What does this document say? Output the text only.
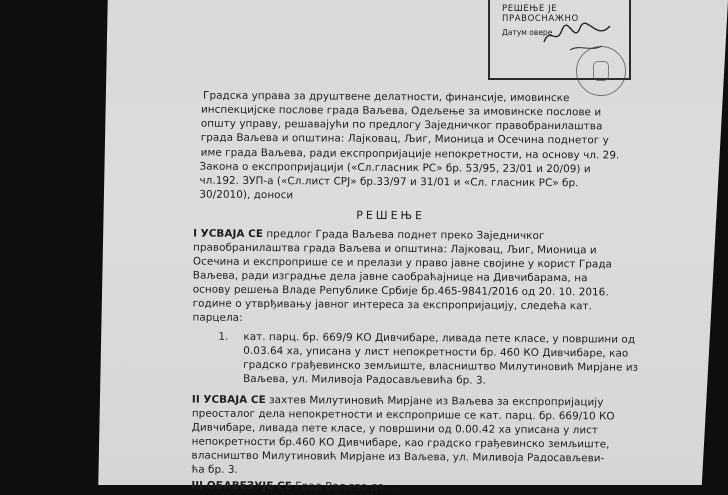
РЕШЕЊЕ ЈЕ ПРАВОСНАЖНО
Датум овере
Градска управа за друштвене делатности, финансије, имовинске
инспекцијске послове града Ваљева, Одељење за имовинске послове и
општу управу, решавајући по предлогу Заједничког правобранилаштва
града Ваљева и општина: Лајковац, Љиг, Мионица и Осечина поднетог у
име града Ваљева, ради експропријације непокретности, на основу чл. 29.
Закона о експропријацији («Сл.гласник РС» бр. 53/95, 23/01 и 20/09) и
чл.192. ЗУП-а («Сл.лист СРЈ» бр.33/97 и 31/01 и «Сл. гласник РС» бр.
30/2010), доноси
РЕШЕЊЕ
I УСВАЈА СЕ предлог Града Ваљева поднет преко Заједничког
правобранилаштва града Ваљева и општина: Лајковац, Љиг, Мионица и
Осечина и експроприше се и прелази у право јавне својине у корист Града
Ваљева, ради изградње дела јавне саобраћајнице на Дивчибарама, на
основу решења Владе Републике Србије бр.465-9841/2016 од 20. 10. 2016.
године о утврђивању јавног интереса за експропријацију, следећа кат.
парцела:
1. кат. парц. бр. 669/9 КО Дивчибаре, ливада пете класе, у површини од
0.03.64 ха, уписана у лист непокретности бр. 460 КО Дивчибаре, као
градско грађевинско земљиште, власништво Милутиновић Мирјане из
Ваљева, ул. Миливоја Радосављевића бр. 3.
II УСВАЈА СЕ захтев Милутиновић Мирјане из Ваљева за експропријацију
преосталог дела непокретности и експроприше се кат. парц. бр. 669/10 КО
Дивчибаре, ливада пете класе, у површини од 0.00.42 ха уписана у лист
непокретности бр.460 КО Дивчибаре, као градско грађевинско земљиште,
власништво Милутиновић Мирјане из Ваљева, ул. Миливоја Радосављеви-
ћа бр. 3.
III ОБАВЕЗУЈЕ СЕ Град Ваљево да ...
